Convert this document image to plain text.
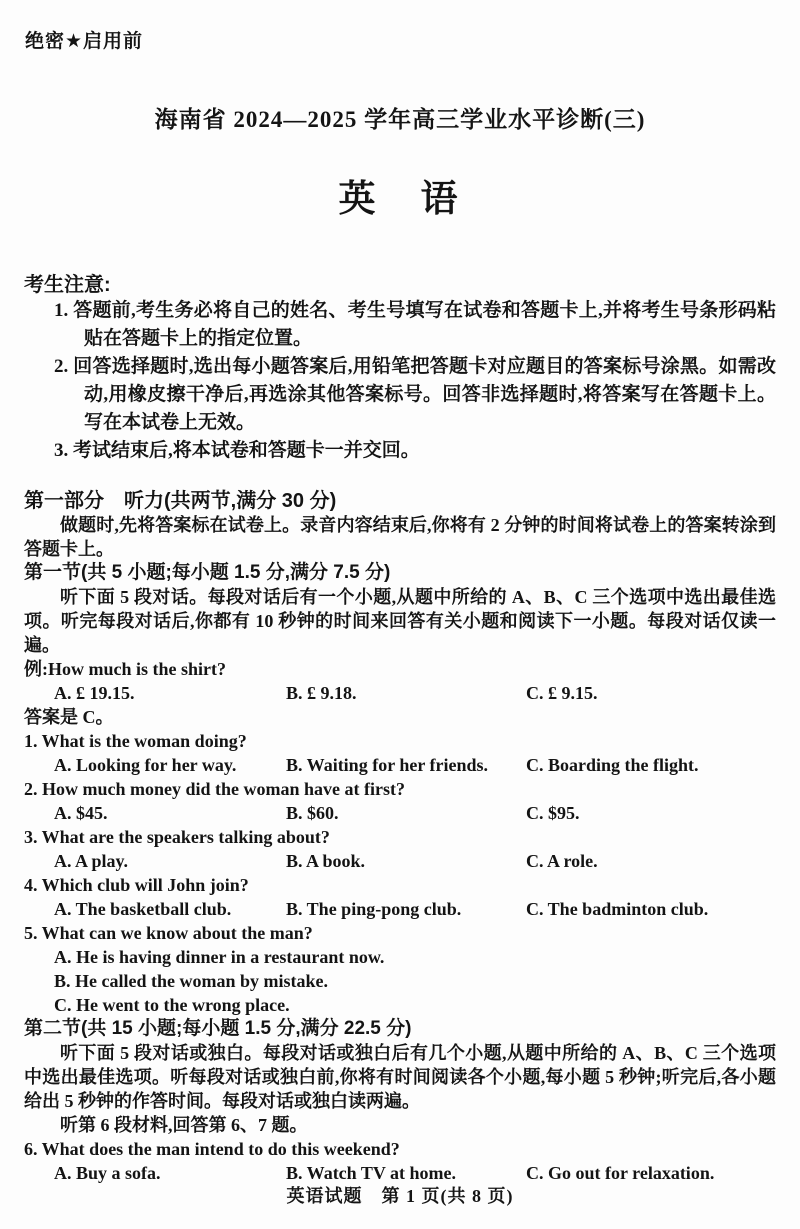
绝密★启用前
海南省 2024—2025 学年高三学业水平诊断(三)
英　语
考生注意:

1. 答题前,考生务必将自己的姓名、考生号填写在试卷和答题卡上,并将考生号条形码粘贴在答题卡上的指定位置。

2. 回答选择题时,选出每小题答案后,用铅笔把答题卡对应题目的答案标号涂黑。如需改动,用橡皮擦干净后,再选涂其他答案标号。回答非选择题时,将答案写在答题卡上。写在本试卷上无效。

3. 考试结束后,将本试卷和答题卡一并交回。

第一部分　听力(共两节,满分 30 分)

做题时,先将答案标在试卷上。录音内容结束后,你将有 2 分钟的时间将试卷上的答案转涂到答题卡上。

第一节(共 5 小题;每小题 1.5 分,满分 7.5 分)

听下面 5 段对话。每段对话后有一个小题,从题中所给的 A、B、C 三个选项中选出最佳选项。听完每段对话后,你都有 10 秒钟的时间来回答有关小题和阅读下一小题。每段对话仅读一遍。

例:How much is the shirt?

A. £ 19.15.	B. £ 9.18.	C. £ 9.15.

答案是 C。

1. What is the woman doing?

A. Looking for her way.	B. Waiting for her friends.	C. Boarding the flight.

2. How much money did the woman have at first?

A. $45.	B. $60.	C. $95.

3. What are the speakers talking about?

A. A play.	B. A book.	C. A role.

4. Which club will John join?

A. The basketball club.	B. The ping-pong club.	C. The badminton club.

5. What can we know about the man?

A. He is having dinner in a restaurant now.
B. He called the woman by mistake.
C. He went to the wrong place.
第二节(共 15 小题;每小题 1.5 分,满分 22.5 分)

听下面 5 段对话或独白。每段对话或独白后有几个小题,从题中所给的 A、B、C 三个选项中选出最佳选项。听每段对话或独白前,你将有时间阅读各个小题,每小题 5 秒钟;听完后,各小题给出 5 秒钟的作答时间。每段对话或独白读两遍。

听第 6 段材料,回答第 6、7 题。

6. What does the man intend to do this weekend?

A. Buy a sofa.	B. Watch TV at home.	C. Go out for relaxation.
英语试题　第 1 页(共 8 页)
